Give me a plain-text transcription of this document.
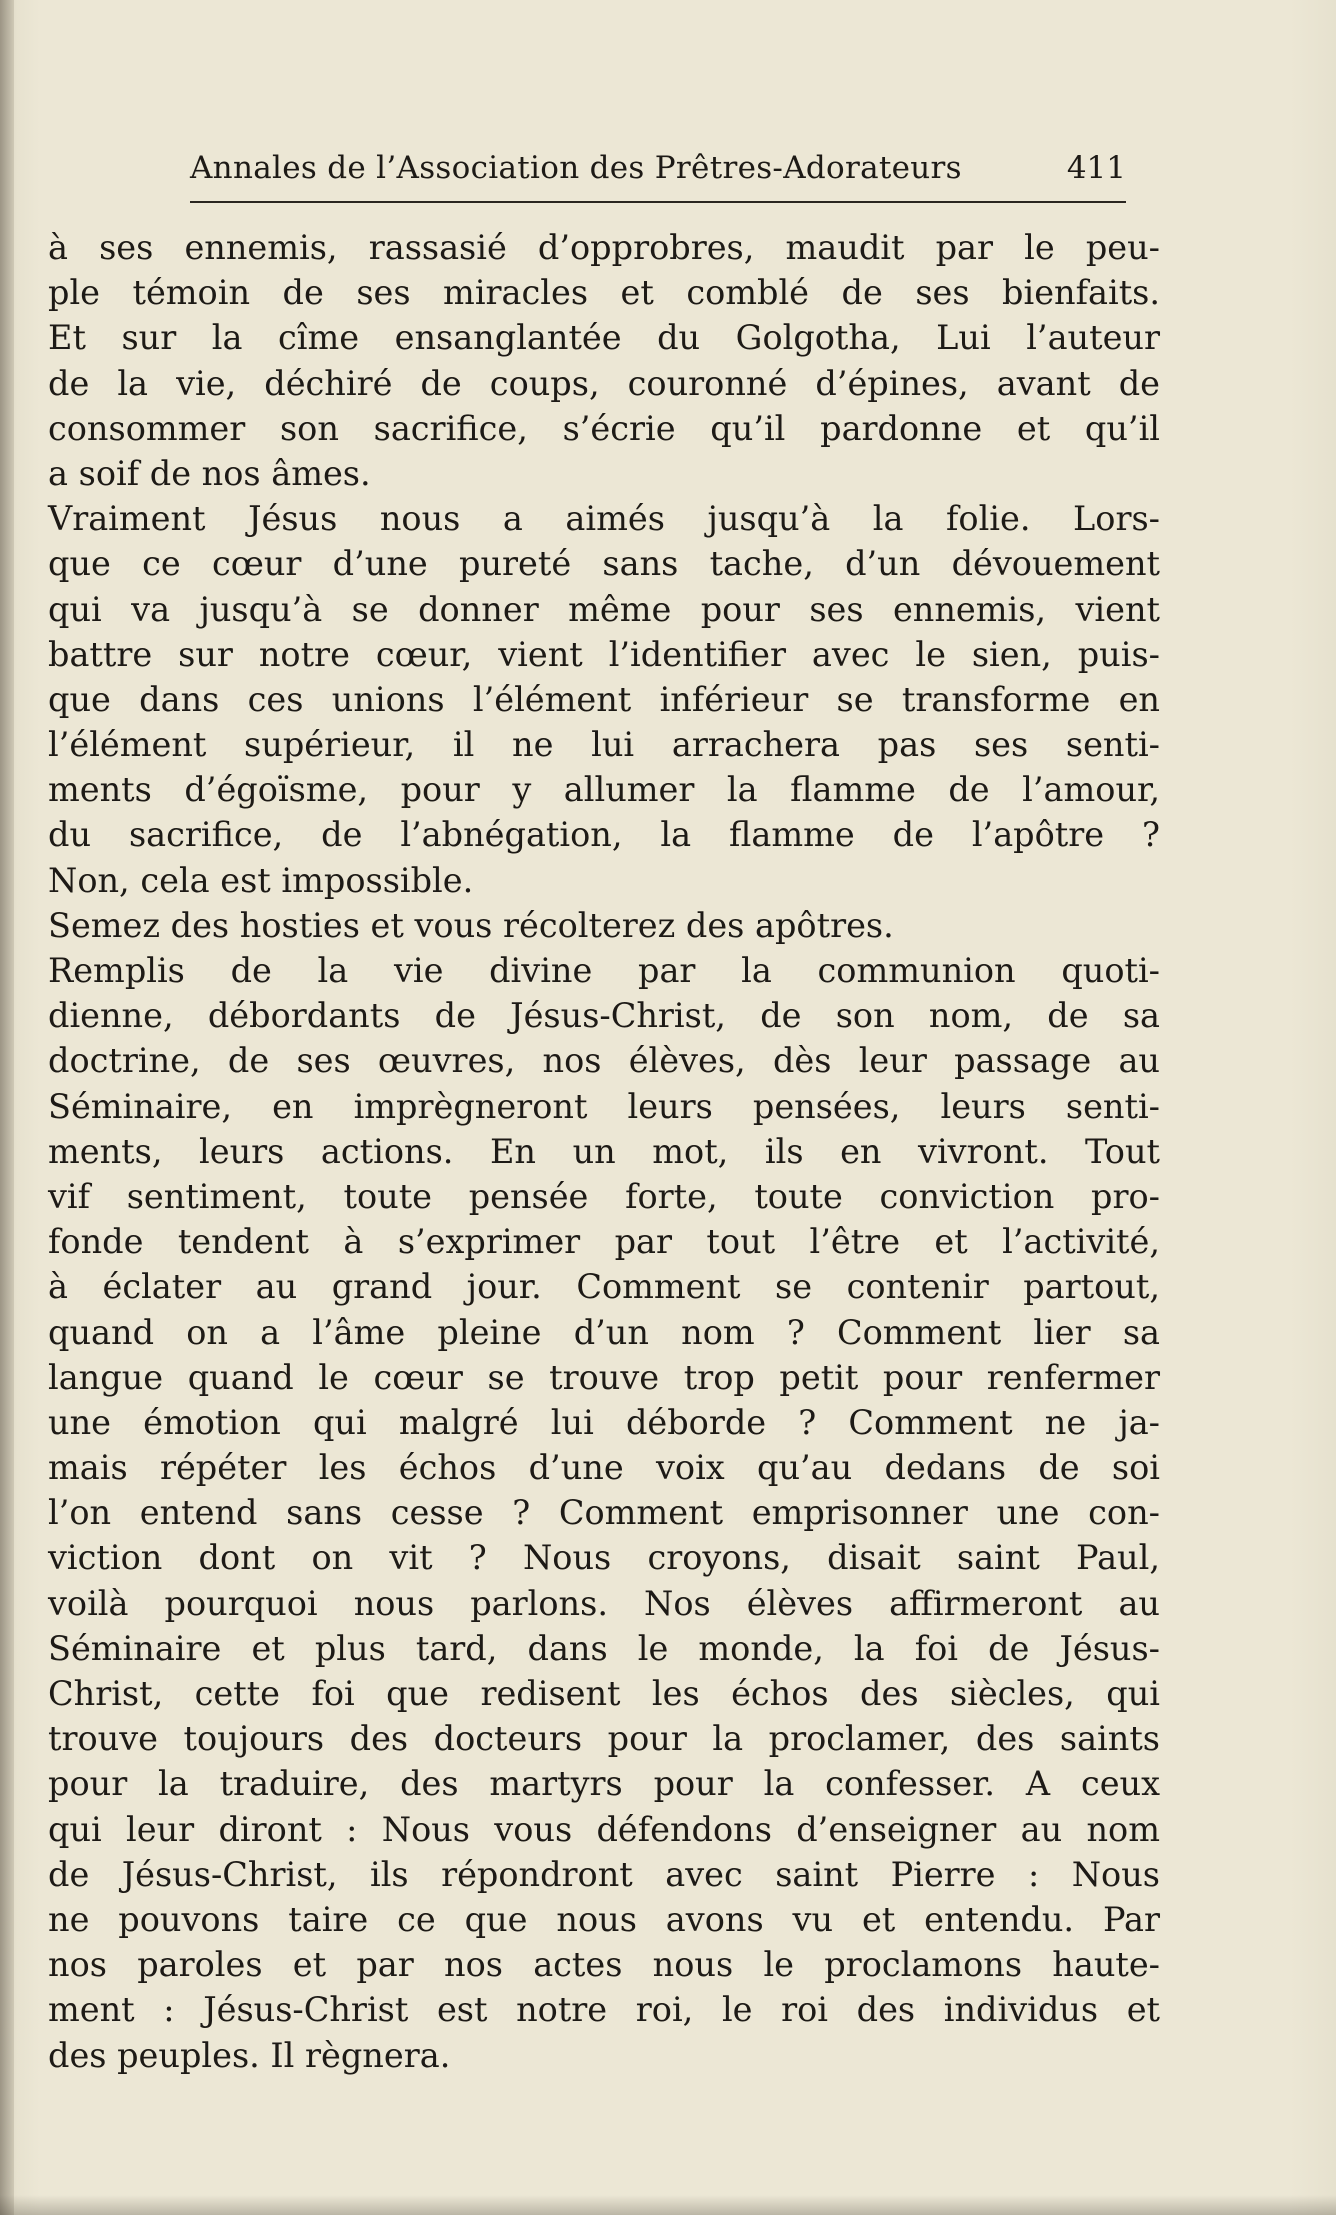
Annales de l’Association des Prêtres-Adorateurs	411
à ses ennemis, rassasié d’opprobres, maudit par le peu-
ple témoin de ses miracles et comblé de ses bienfaits.
Et sur la cîme ensanglantée du Golgotha, Lui l’auteur
de la vie, déchiré de coups, couronné d’épines, avant de
consommer son sacrifice, s’écrie qu’il pardonne et qu’il
a soif de nos âmes.
Vraiment Jésus nous a aimés jusqu’à la folie. Lors-
que ce cœur d’une pureté sans tache, d’un dévouement
qui va jusqu’à se donner même pour ses ennemis, vient
battre sur notre cœur, vient l’identifier avec le sien, puis-
que dans ces unions l’élément inférieur se transforme en
l’élément supérieur, il ne lui arrachera pas ses senti-
ments d’égoïsme, pour y allumer la flamme de l’amour,
du sacrifice, de l’abnégation, la flamme de l’apôtre ?
Non, cela est impossible.
Semez des hosties et vous récolterez des apôtres.
Remplis de la vie divine par la communion quoti-
dienne, débordants de Jésus-Christ, de son nom, de sa
doctrine, de ses œuvres, nos élèves, dès leur passage au
Séminaire, en imprègneront leurs pensées, leurs senti-
ments, leurs actions. En un mot, ils en vivront. Tout
vif sentiment, toute pensée forte, toute conviction pro-
fonde tendent à s’exprimer par tout l’être et l’activité,
à éclater au grand jour. Comment se contenir partout,
quand on a l’âme pleine d’un nom ? Comment lier sa
langue quand le cœur se trouve trop petit pour renfermer
une émotion qui malgré lui déborde ? Comment ne ja-
mais répéter les échos d’une voix qu’au dedans de soi
l’on entend sans cesse ? Comment emprisonner une con-
viction dont on vit ? Nous croyons, disait saint Paul,
voilà pourquoi nous parlons. Nos élèves affirmeront au
Séminaire et plus tard, dans le monde, la foi de Jésus-
Christ, cette foi que redisent les échos des siècles, qui
trouve toujours des docteurs pour la proclamer, des saints
pour la traduire, des martyrs pour la confesser. A ceux
qui leur diront : Nous vous défendons d’enseigner au nom
de Jésus-Christ, ils répondront avec saint Pierre : Nous
ne pouvons taire ce que nous avons vu et entendu. Par
nos paroles et par nos actes nous le proclamons haute-
ment : Jésus-Christ est notre roi, le roi des individus et
des peuples. Il règnera.
